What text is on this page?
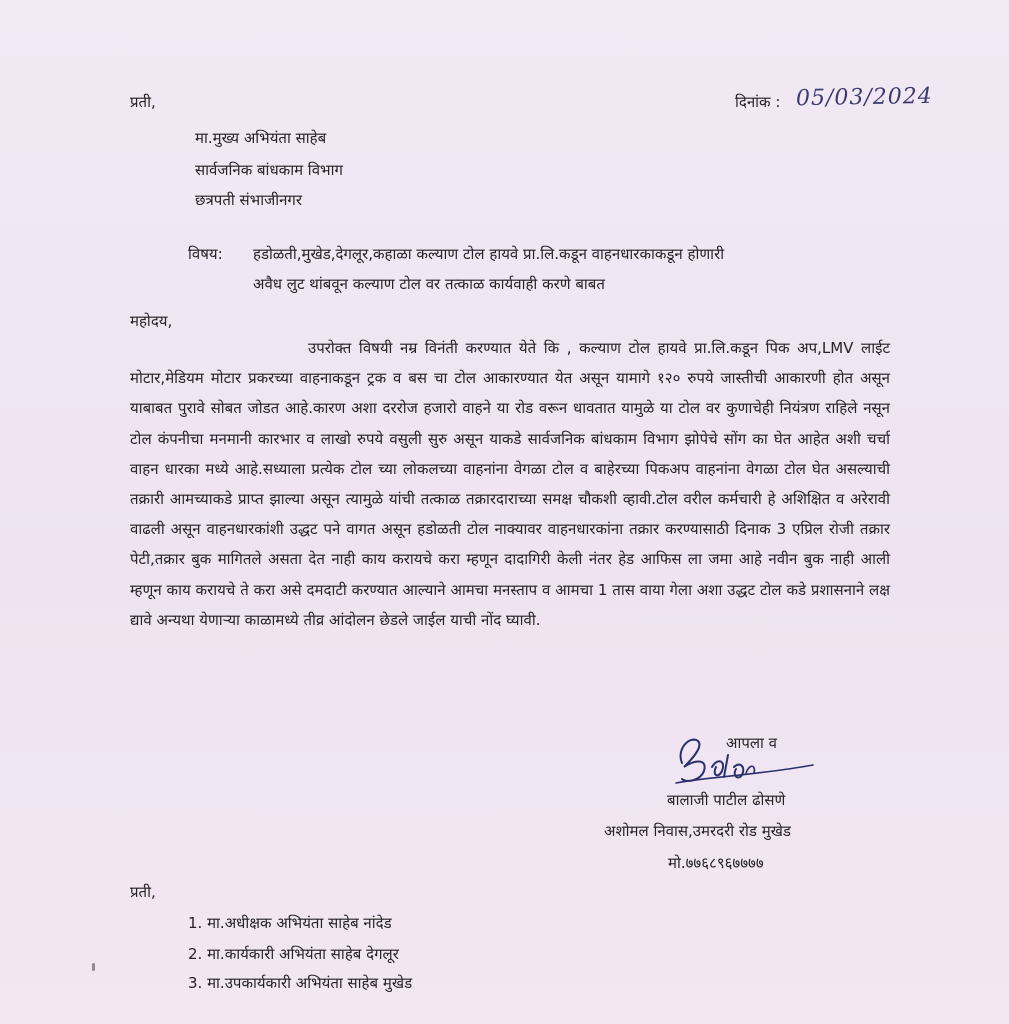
प्रती,	दिनांक : 05/03/2024
मा.मुख्य अभियंता साहेब
सार्वजनिक बांधकाम विभाग
छत्रपती संभाजीनगर
विषय: हडोळती,मुखेड,देगलूर,कहाळा कल्याण टोल हायवे प्रा.लि.कडून वाहनधारकाकडून होणारी
अवैध लुट थांबवून कल्याण टोल वर तत्काळ कार्यवाही करणे बाबत
महोदय,
उपरोक्त विषयी नम्र विनंती करण्यात येते कि , कल्याण टोल हायवे प्रा.लि.कडून पिक अप,LMV लाईट मोटार,मेडियम मोटार प्रकरच्या वाहनाकडून ट्रक व बस चा टोल आकारण्यात येत असून यामागे १२० रुपये जास्तीची आकारणी होत असून याबाबत पुरावे सोबत जोडत आहे.कारण अशा दररोज हजारो वाहने या रोड वरून धावतात यामुळे या टोल वर कुणाचेही नियंत्रण राहिले नसून टोल कंपनीचा मनमानी कारभार व लाखो रुपये वसुली सुरु असून याकडे सार्वजनिक बांधकाम विभाग झोपेचे सोंग का घेत आहेत अशी चर्चा वाहन धारका मध्ये आहे.सध्याला प्रत्येक टोल च्या लोकलच्या वाहनांना वेगळा टोल व बाहेरच्या पिकअप वाहनांना वेगळा टोल घेत असल्याची तक्रारी आमच्याकडे प्राप्त झाल्या असून त्यामुळे यांची तत्काळ तक्रारदाराच्या समक्ष चौकशी व्हावी.टोल वरील कर्मचारी हे अशिक्षित व अरेरावी वाढली असून वाहनधारकांशी उद्धट पने वागत असून हडोळती टोल नाक्यावर वाहनधारकांना तक्रार करण्यासाठी दिनाक 3 एप्रिल रोजी तक्रार पेटी,तक्रार बुक मागितले असता देत नाही काय करायचे करा म्हणून दादागिरी केली नंतर हेड आफिस ला जमा आहे नवीन बुक नाही आली म्हणून काय करायचे ते करा असे दमदाटी करण्यात आल्याने आमचा मनस्ताप व आमचा 1 तास वाया गेला अशा उद्धट टोल कडे प्रशासनाने लक्ष द्यावे अन्यथा येणाऱ्या काळामध्ये तीव्र आंदोलन छेडले जाईल याची नोंद घ्यावी.
आपला व
बालाजी पाटील ढोसणे
अशोमल निवास,उमरदरी रोड मुखेड
मो.७७६८९६७७७७
प्रती,
1. मा.अधीक्षक अभियंता साहेब नांदेड
2. मा.कार्यकारी अभियंता साहेब देगलूर
3. मा.उपकार्यकारी अभियंता साहेब मुखेड
